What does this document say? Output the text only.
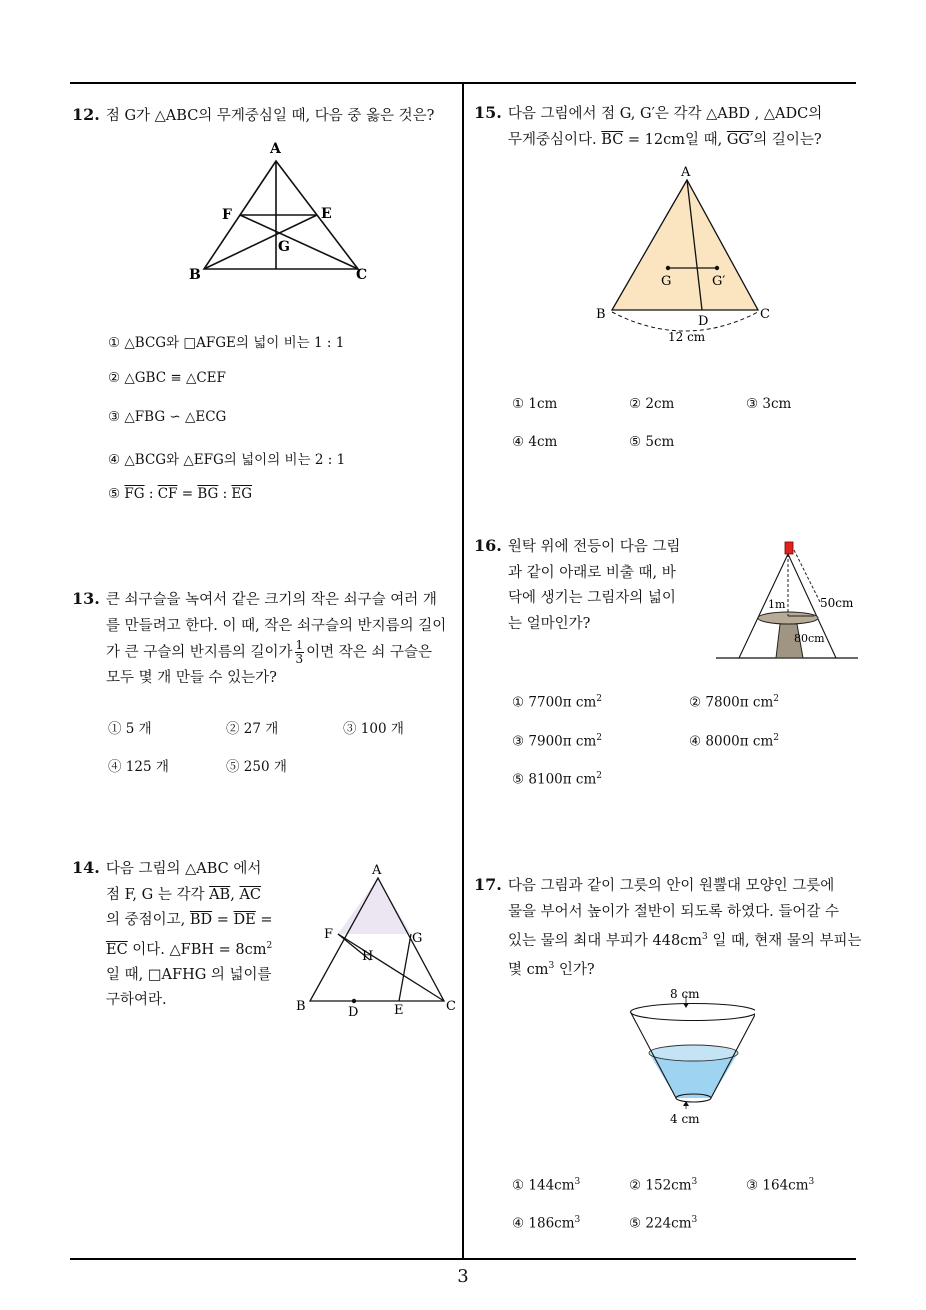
12. 점 G가 △ABC의 무게중심일 때, 다음 중 옳은 것은?
A
F	E
G
B	C
① △BCG와 □AFGE의 넓이 비는 1 : 1
② △GBC ≡ △CEF
③ △FBG ∽ △ECG
④ △BCG와 △EFG의 넓이의 비는 2 : 1
⑤ $\overline{FG}$ : $\overline{CF} = \overline{BG}$ : $\overline{EG}$
13. 큰 쇠구슬을 녹여서 같은 크기의 작은 쇠구슬 여러 개
를 만들려고 한다. 이 때, 작은 쇠구슬의 반지름의 길이
가 큰 구슬의 반지름의 길이가 $\frac{1}{3}$ 이면 작은 쇠 구슬은
모두 몇 개 만들 수 있는가?
① 5 개	② 27 개	③ 100 개
④ 125 개	⑤ 250 개
14. 다음 그림의 △ABC 에서
점 F, G 는 각각 $\overline{AB}$, $\overline{AC}$
의 중점이고, $\overline{BD} = \overline{DE}$ =
$\overline{EC}$ 이다. △FBH = $8cm^2$
일 때, □AFHG 의 넓이를
구하여라.
A
F	G
H
B	D	E	C
15. 다음 그림에서 점 G, G′은 각각 △ABD , △ADC의
무게중심이다. $\overline{BC} = 12cm$일 때, GG′의 길이는?
A
G	G′
B	D	C
12 cm
① 1cm	② 2cm	③ 3cm
④ 4cm	⑤ 5cm
16. 원탁 위에 전등이 다음 그림
과 같이 아래로 비출 때, 바
닥에 생기는 그림자의 넓이
는 얼마인가?
1m	50cm
80cm
① 7700π $cm^2$	② 7800π $cm^2$
③ 7900π $cm^2$	④ 8000π $cm^2$
⑤ 8100π $cm^2$
17. 다음 그림과 같이 그릇의 안이 원뿔대 모양인 그릇에
물을 부어서 높이가 절반이 되도록 하였다. 들어갈 수
있는 물의 최대 부피가 $448cm^3$ 일 때, 현재 물의 부피는
몇 $cm^3$ 인가?
8 cm
4 cm
① $144cm^3$	② $152cm^3$	③ $164cm^3$
④ $186cm^3$	⑤ $224cm^3$
3
